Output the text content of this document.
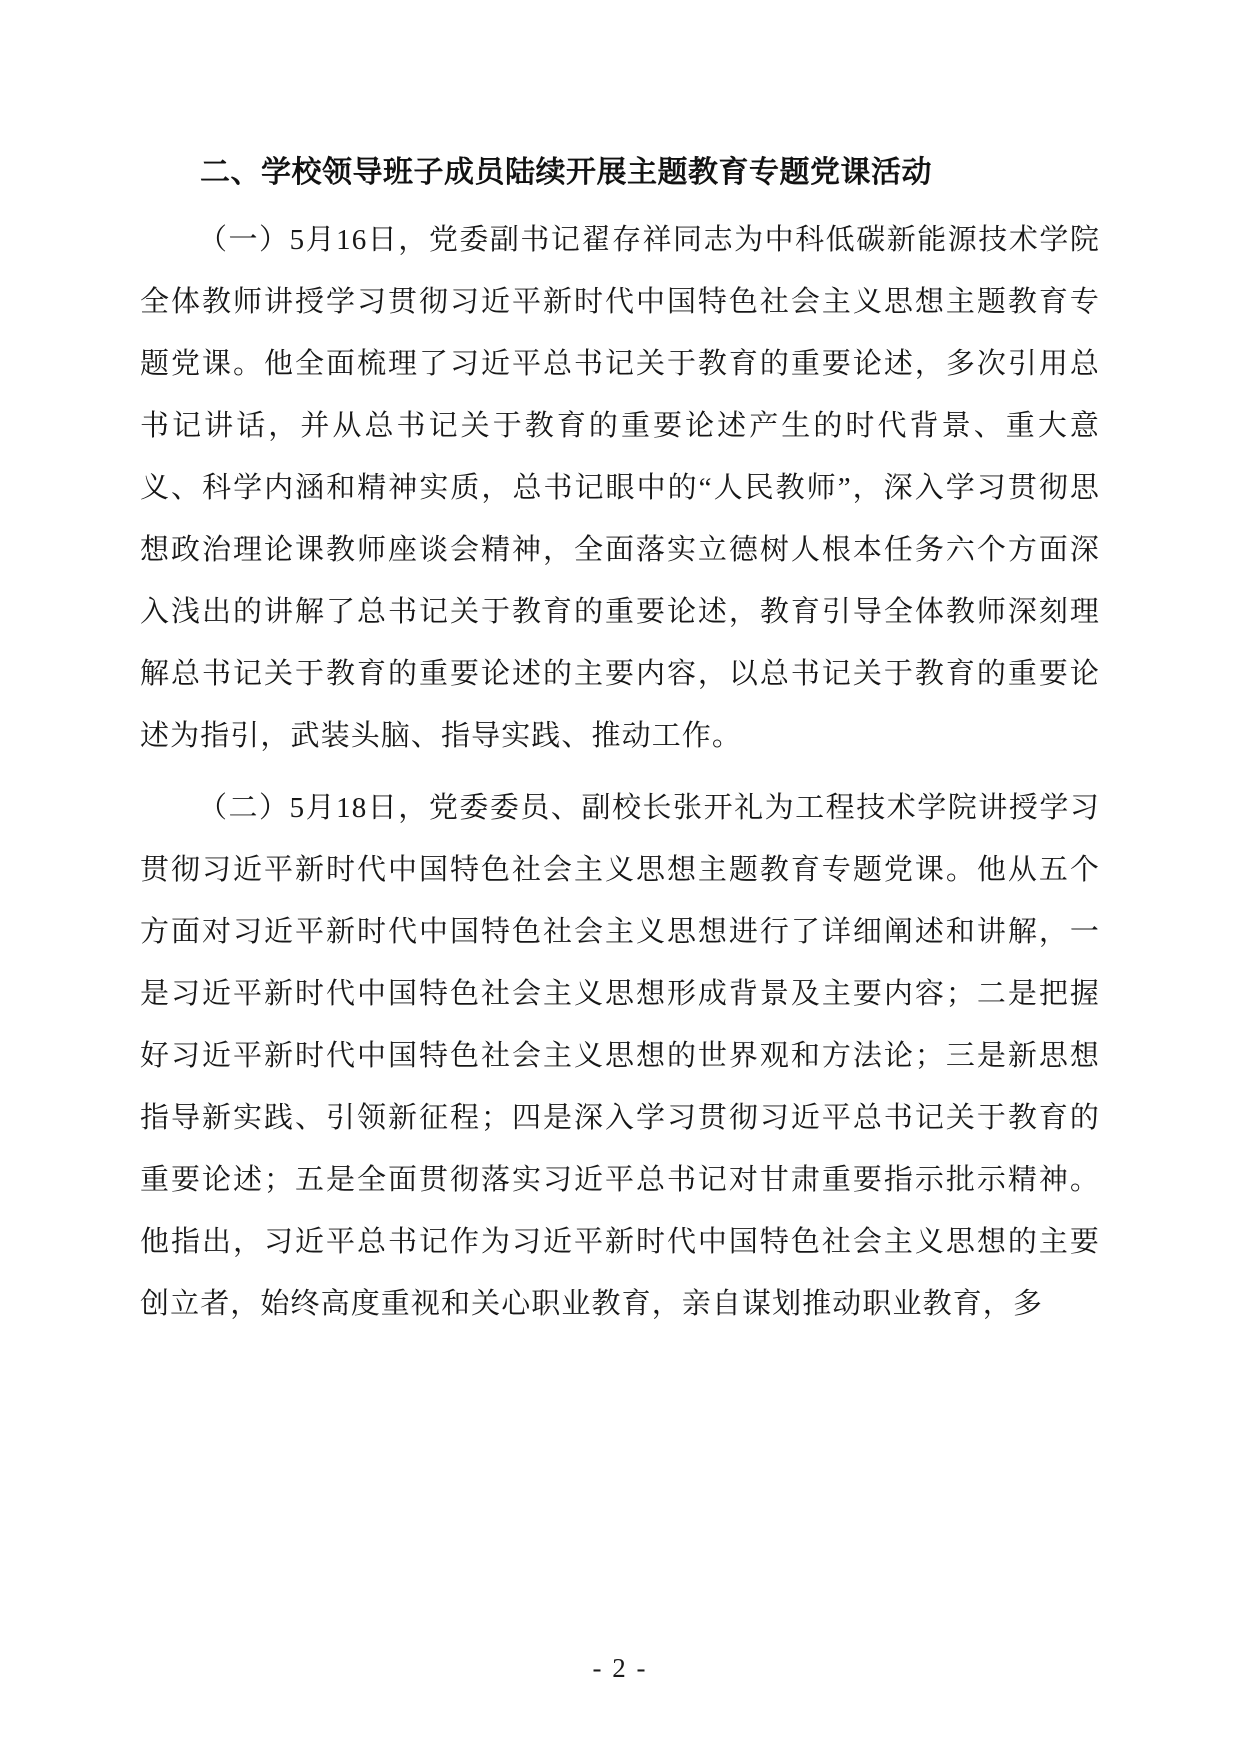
二、学校领导班子成员陆续开展主题教育专题党课活动

（一）5月16日，党委副书记翟存祥同志为中科低碳新能源技术学院全体教师讲授学习贯彻习近平新时代中国特色社会主义思想主题教育专题党课。他全面梳理了习近平总书记关于教育的重要论述，多次引用总书记讲话，并从总书记关于教育的重要论述产生的时代背景、重大意义、科学内涵和精神实质，总书记眼中的“人民教师”，深入学习贯彻思想政治理论课教师座谈会精神，全面落实立德树人根本任务六个方面深入浅出的讲解了总书记关于教育的重要论述，教育引导全体教师深刻理解总书记关于教育的重要论述的主要内容，以总书记关于教育的重要论述为指引，武装头脑、指导实践、推动工作。

（二）5月18日，党委委员、副校长张开礼为工程技术学院讲授学习贯彻习近平新时代中国特色社会主义思想主题教育专题党课。他从五个方面对习近平新时代中国特色社会主义思想进行了详细阐述和讲解，一是习近平新时代中国特色社会主义思想形成背景及主要内容；二是把握好习近平新时代中国特色社会主义思想的世界观和方法论；三是新思想指导新实践、引领新征程；四是深入学习贯彻习近平总书记关于教育的重要论述；五是全面贯彻落实习近平总书记对甘肃重要指示批示精神。他指出，习近平总书记作为习近平新时代中国特色社会主义思想的主要创立者，始终高度重视和关心职业教育，亲自谋划推动职业教育，多

- 2 -
